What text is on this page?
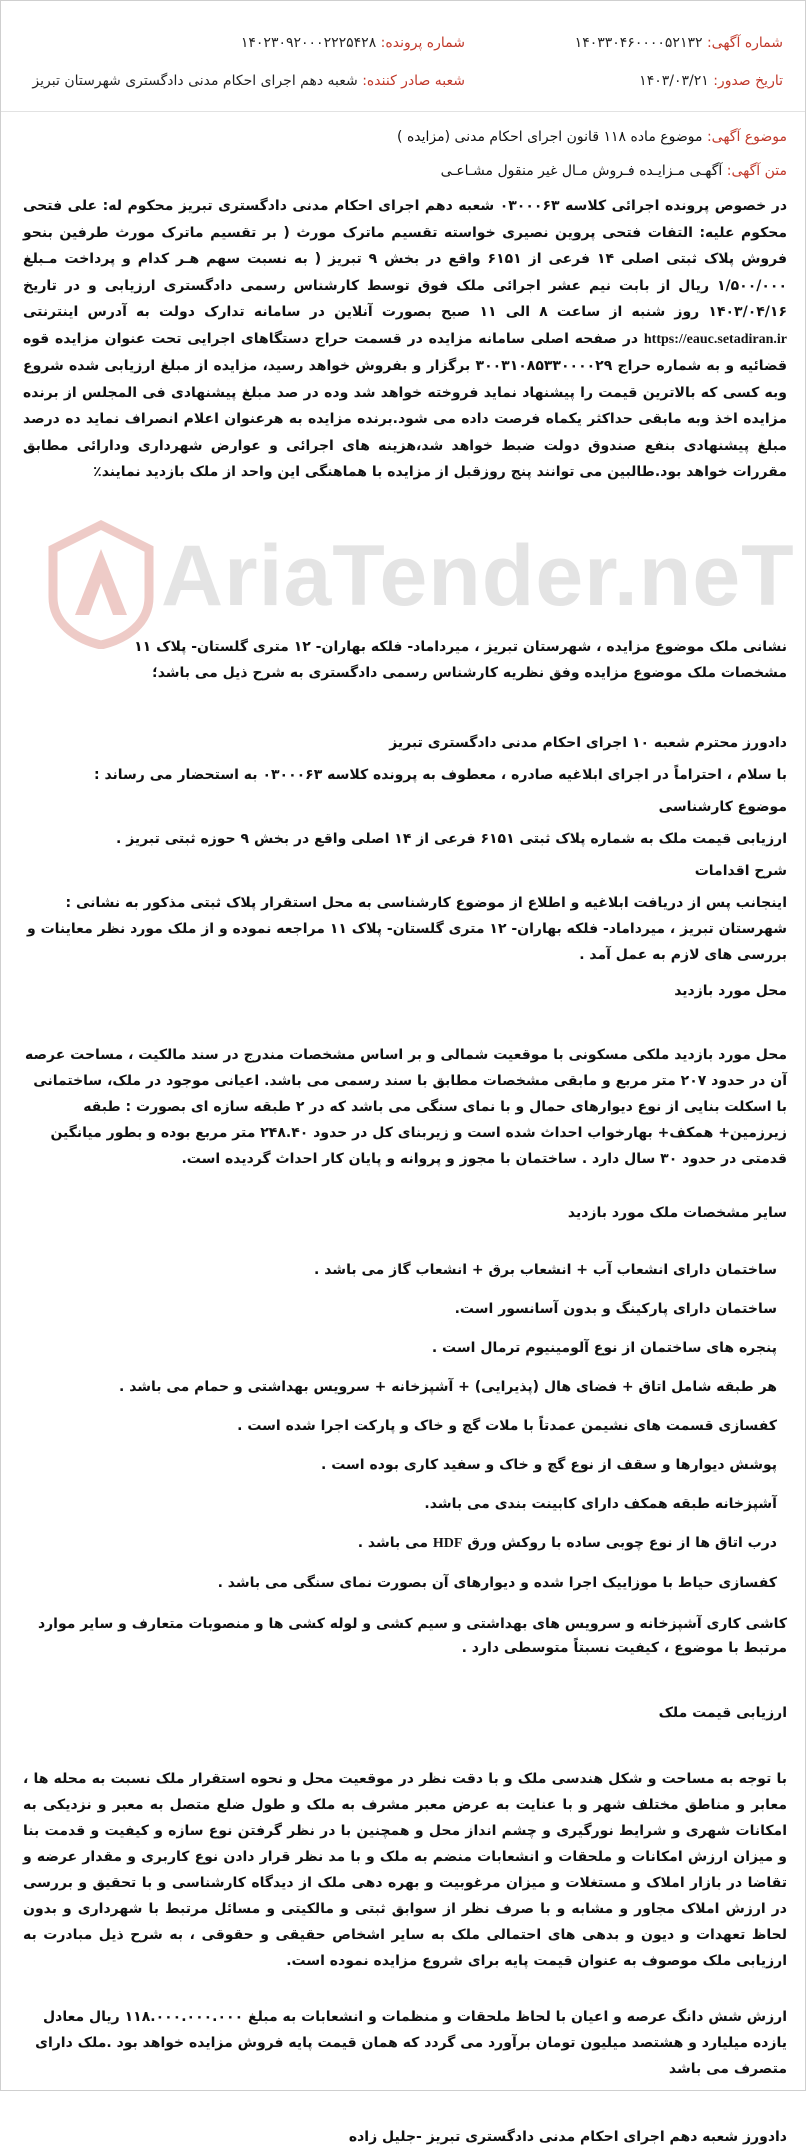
AriaTender.neT
شماره آگهی: ۱۴۰۳۳۰۴۶۰۰۰۰۵۲۱۳۲
شماره پرونده: ۱۴۰۲۳۰۹۲۰۰۰۲۲۲۵۴۲۸
تاریخ صدور: ۱۴۰۳/۰۳/۲۱
شعبه صادر کننده: شعبه دهم اجرای احکام مدنی دادگستری شهرستان تبریز

موضوع آگهی: موضوع ماده ۱۱۸ قانون اجرای احکام مدنی (مزایده )

متن آگهی: آگهـی مـزایـده فـروش مـال غیر منقول مشـاعـی

در خصوص پرونده اجرائی کلاسه ۰۳۰۰۰۶۳ شعبه دهم اجرای احکام مدنی دادگستری تبریز محکوم له: علی فتحی محکوم علیه: التفات فتحی پروین نصیری خواسته تقسیم ماترک مورث ( بر تقسیم ماترک مورث طرفین بنحو فروش پلاک ثبتی اصلی ۱۴ فرعی از ۶۱۵۱ واقع در بخش ۹ تبریز ( به نسبت سهم هـر کدام و پرداخت مـبلغ ۱/۵۰۰/۰۰۰ ریال از بابت نیم عشر اجرائی ملک فوق توسط کارشناس رسمی دادگستری ارزیابی و در تاریخ ۱۴۰۳/۰۴/۱۶ روز شنبه از ساعت ۸ الی ۱۱ صبح بصورت آنلاین در سامانه تدارک دولت به آدرس اینترنتی https://eauc.setadiran.ir در صفحه اصلی سامانه مزایده در قسمت حراج دستگاهای اجرایی تحت عنوان مزایده قوه قضائیه و به شماره حراج ۳۰۰۳۱۰۸۵۳۳۰۰۰۰۲۹ برگزار و بفروش خواهد رسید، مزایده از مبلغ ارزیابی شده شروع وبه کسی که بالاترین قیمت را پیشنهاد نماید فروخته خواهد شد وده در صد مبلغ پیشنهادی فی المجلس از برنده مزایده اخذ وبه مابقی حداکثر یکماه فرصت داده می شود.برنده مزایده به هرعنوان اعلام انصراف نماید ده درصد مبلغ پیشنهادی بنفع صندوق دولت ضبط خواهد شد،هزینه های اجرائی و عوارض شهرداری ودارائی مطابق مقررات خواهد بود.طالبین می توانند پنج روزقبل از مزایده با هماهنگی این واحد از ملک بازدید نمایند٪

نشانی ملک موضوع مزایده ، شهرستان تبریز ، میرداماد- فلکه بهاران- ۱۲ متری گلستان- پلاک ۱۱

مشخصات ملک موضوع مزایده وفق نظریه کارشناس رسمی دادگستری به شرح ذیل می باشد؛

دادورز محترم شعبه ۱۰ اجرای احکام مدنی دادگستری تبریز

با سلام ، احتراماً در اجرای ابلاغیه صادره ، معطوف به پرونده کلاسه ۰۳۰۰۰۶۳ به استحضار می رساند :

موضوع کارشناسی

ارزیابی قیمت ملک به شماره پلاک ثبتی ۶۱۵۱ فرعی از ۱۴ اصلی واقع در بخش ۹ حوزه ثبتی تبریز .

شرح اقدامات

اینجانب پس از دریافت ابلاغیه و اطلاع از موضوع کارشناسی به محل استقرار پلاک ثبتی مذکور به نشانی : شهرستان تبریز ، میرداماد- فلکه بهاران- ۱۲ متری گلستان- پلاک ۱۱ مراجعه نموده و از ملک مورد نظر معاینات و بررسی های لازم به عمل آمد .

محل مورد بازدید

محل مورد بازدید ملکی مسکونی با موقعیت شمالی و بر اساس مشخصات مندرج در سند مالکیت ، مساحت عرصه آن در حدود ۲۰۷ متر مربع و مابقی مشخصات مطابق با سند رسمی می باشد. اعیانی موجود در ملک، ساختمانی با اسکلت بنایی از نوع دیوارهای حمال و با نمای سنگی می باشد که در ۲ طبقه سازه ای بصورت : طبقه زیرزمین+ همکف+ بهارخواب احداث شده است و زیربنای کل در حدود ۲۴۸.۴۰ متر مربع بوده و بطور میانگین قدمتی در حدود ۳۰ سال دارد . ساختمان با مجوز و پروانه و پایان کار احداث گردیده است.

سایر مشخصات ملک مورد بازدید

ساختمان دارای انشعاب آب + انشعاب برق + انشعاب گاز می باشد .
ساختمان دارای پارکینگ و بدون آسانسور است.
پنجره های ساختمان از نوع آلومینیوم ترمال است .
هر طبقه شامل اتاق + فضای هال (پذیرایی) + آشپزخانه + سرویس بهداشتی و حمام می باشد .
کفسازی قسمت های نشیمن عمدتاً با ملات گچ و خاک و پارکت اجرا شده است .
پوشش دیوارها و سقف از نوع گچ و خاک و سفید کاری بوده است .
آشپزخانه طبقه همکف دارای کابینت بندی می باشد.
درب اتاق ها از نوع چوبی ساده با روکش ورق HDF می باشد .
کفسازی حیاط با موزاییک اجرا شده و دیوارهای آن بصورت نمای سنگی می باشد .

کاشی کاری آشپزخانه و سرویس های بهداشتی و سیم کشی و لوله کشی ها و منصوبات متعارف و سایر موارد مرتبط با موضوع ، کیفیت نسبتاً متوسطی دارد .

ارزیابی قیمت ملک

با توجه به مساحت و شکل هندسی ملک و با دقت نظر در موقعیت محل و نحوه استقرار ملک نسبت به محله ها ، معابر و مناطق مختلف شهر و با عنایت به عرض معبر مشرف به ملک و طول ضلع متصل به معبر و نزدیکی به امکانات شهری و شرایط نورگیری و چشم انداز محل و همچنین با در نظر گرفتن نوع سازه و کیفیت و قدمت بنا و میزان ارزش امکانات و ملحقات و انشعابات منضم به ملک و با مد نظر قرار دادن نوع کاربری و مقدار عرضه و تقاضا در بازار املاک و مستغلات و میزان مرغوبیت و بهره دهی ملک از دیدگاه کارشناسی و با تحقیق و بررسی در ارزش املاک مجاور و مشابه و با صرف نظر از سوابق ثبتی و مالکیتی و مسائل مرتبط با شهرداری و بدون لحاظ تعهدات و دیون و بدهی های احتمالی ملک به سایر اشخاص حقیقی و حقوقی ، به شرح ذیل مبادرت به ارزیابی ملک موصوف به عنوان قیمت پایه برای شروع مزایده نموده است.

ارزش شش دانگ عرصه و اعیان با لحاظ ملحقات و منظمات و انشعابات به مبلغ ۱۱۸.۰۰۰.۰۰۰.۰۰۰ ریال معادل یازده میلیارد و هشتصد میلیون تومان برآورد می گردد که همان قیمت پایه فروش مزایده خواهد بود .ملک دارای متصرف می باشد

دادورز شعبه دهم اجرای احکام مدنی دادگستری تبریز -جلیل زاده
